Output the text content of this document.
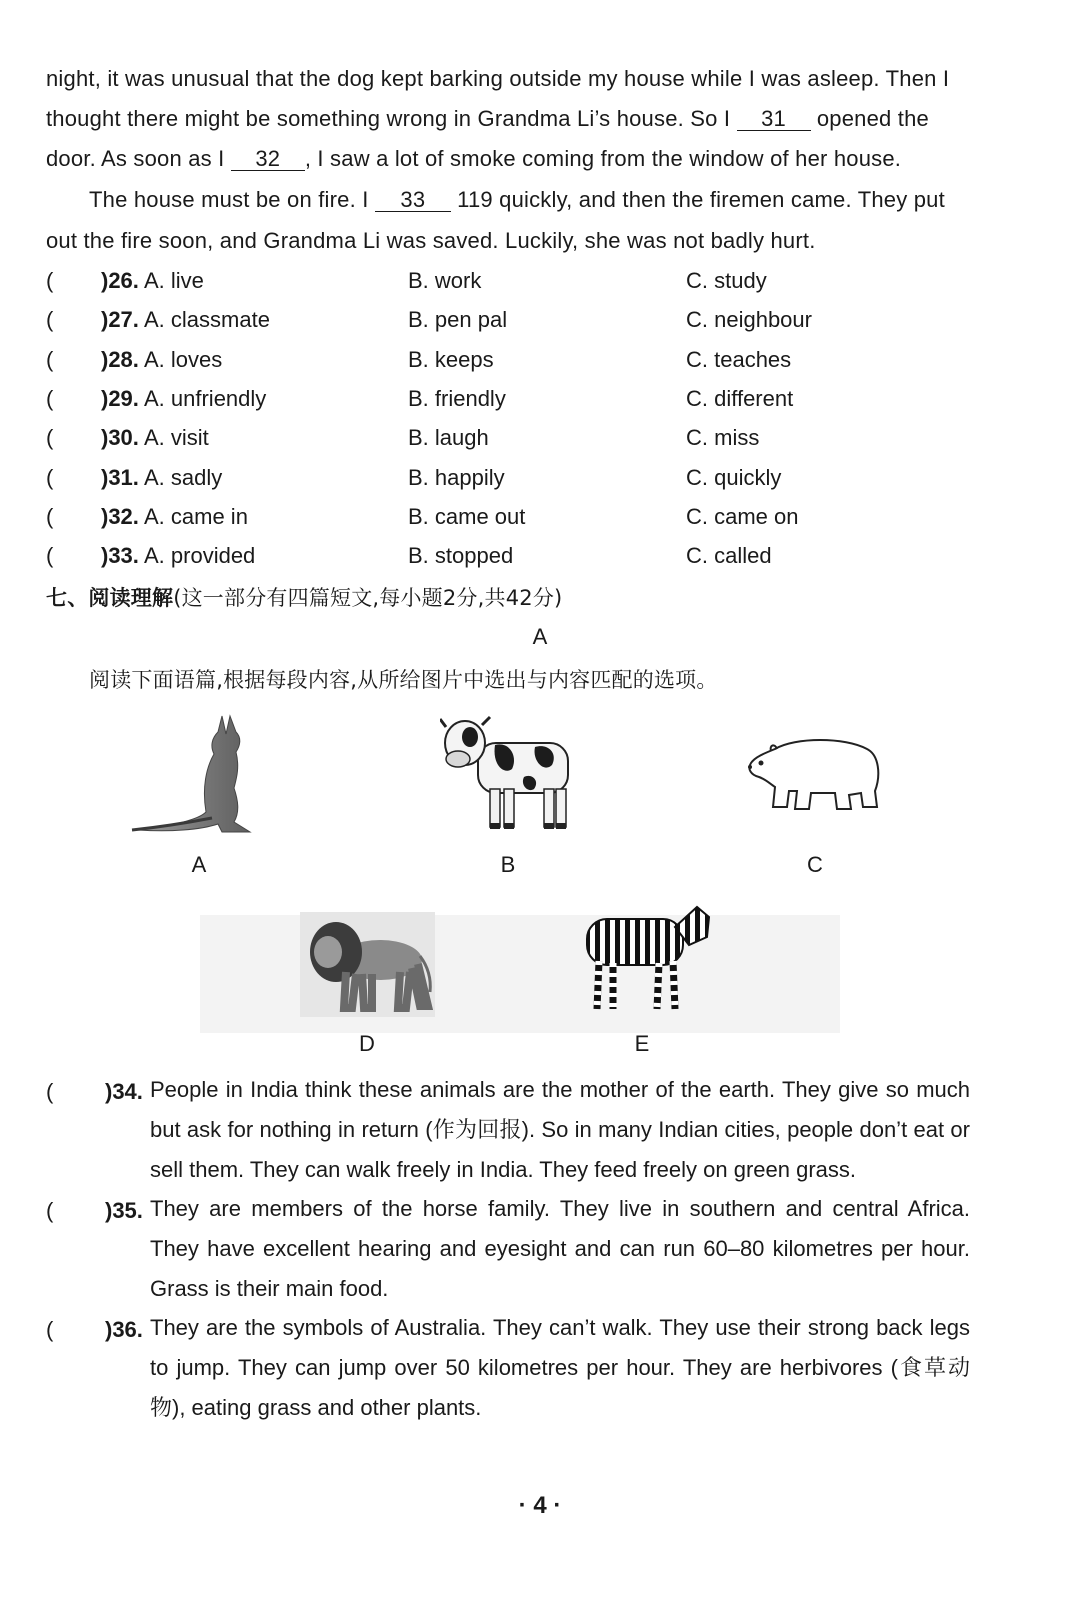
night, it was unusual that the dog kept barking outside my house while I was asleep. Then I
thought there might be something wrong in Grandma Li’s house. So I 31 opened the
door. As soon as I 32 , I saw a lot of smoke coming from the window of her house.
The house must be on fire. I 33 119 quickly, and then the firemen came. They put
out the fire soon, and Grandma Li was saved. Luckily, she was not badly hurt.
( )26. A. live	B. work	C. study
( )27. A. classmate	B. pen pal	C. neighbour
( )28. A. loves	B. keeps	C. teaches
( )29. A. unfriendly	B. friendly	C. different
( )30. A. visit	B. laugh	C. miss
( )31. A. sadly	B. happily	C. quickly
( )32. A. came in	B. came out	C. came on
( )33. A. provided	B. stopped	C. called
七、阅读理解(这一部分有四篇短文,每小题2分,共42分)
A
阅读下面语篇,根据每段内容,从所给图片中选出与内容匹配的选项。
A	B	C
D	E
( )34. People in India think these animals are the mother of the earth. They give so much but ask for nothing in return (作为回报). So in many Indian cities, people don’t eat or sell them. They can walk freely in India. They feed freely on green grass.
( )35. They are members of the horse family. They live in southern and central Africa. They have excellent hearing and eyesight and can run 60–80 kilometres per hour. Grass is their main food.
( )36. They are the symbols of Australia. They can’t walk. They use their strong back legs to jump. They can jump over 50 kilometres per hour. They are herbivores (食草动物), eating grass and other plants.
· 4 ·
